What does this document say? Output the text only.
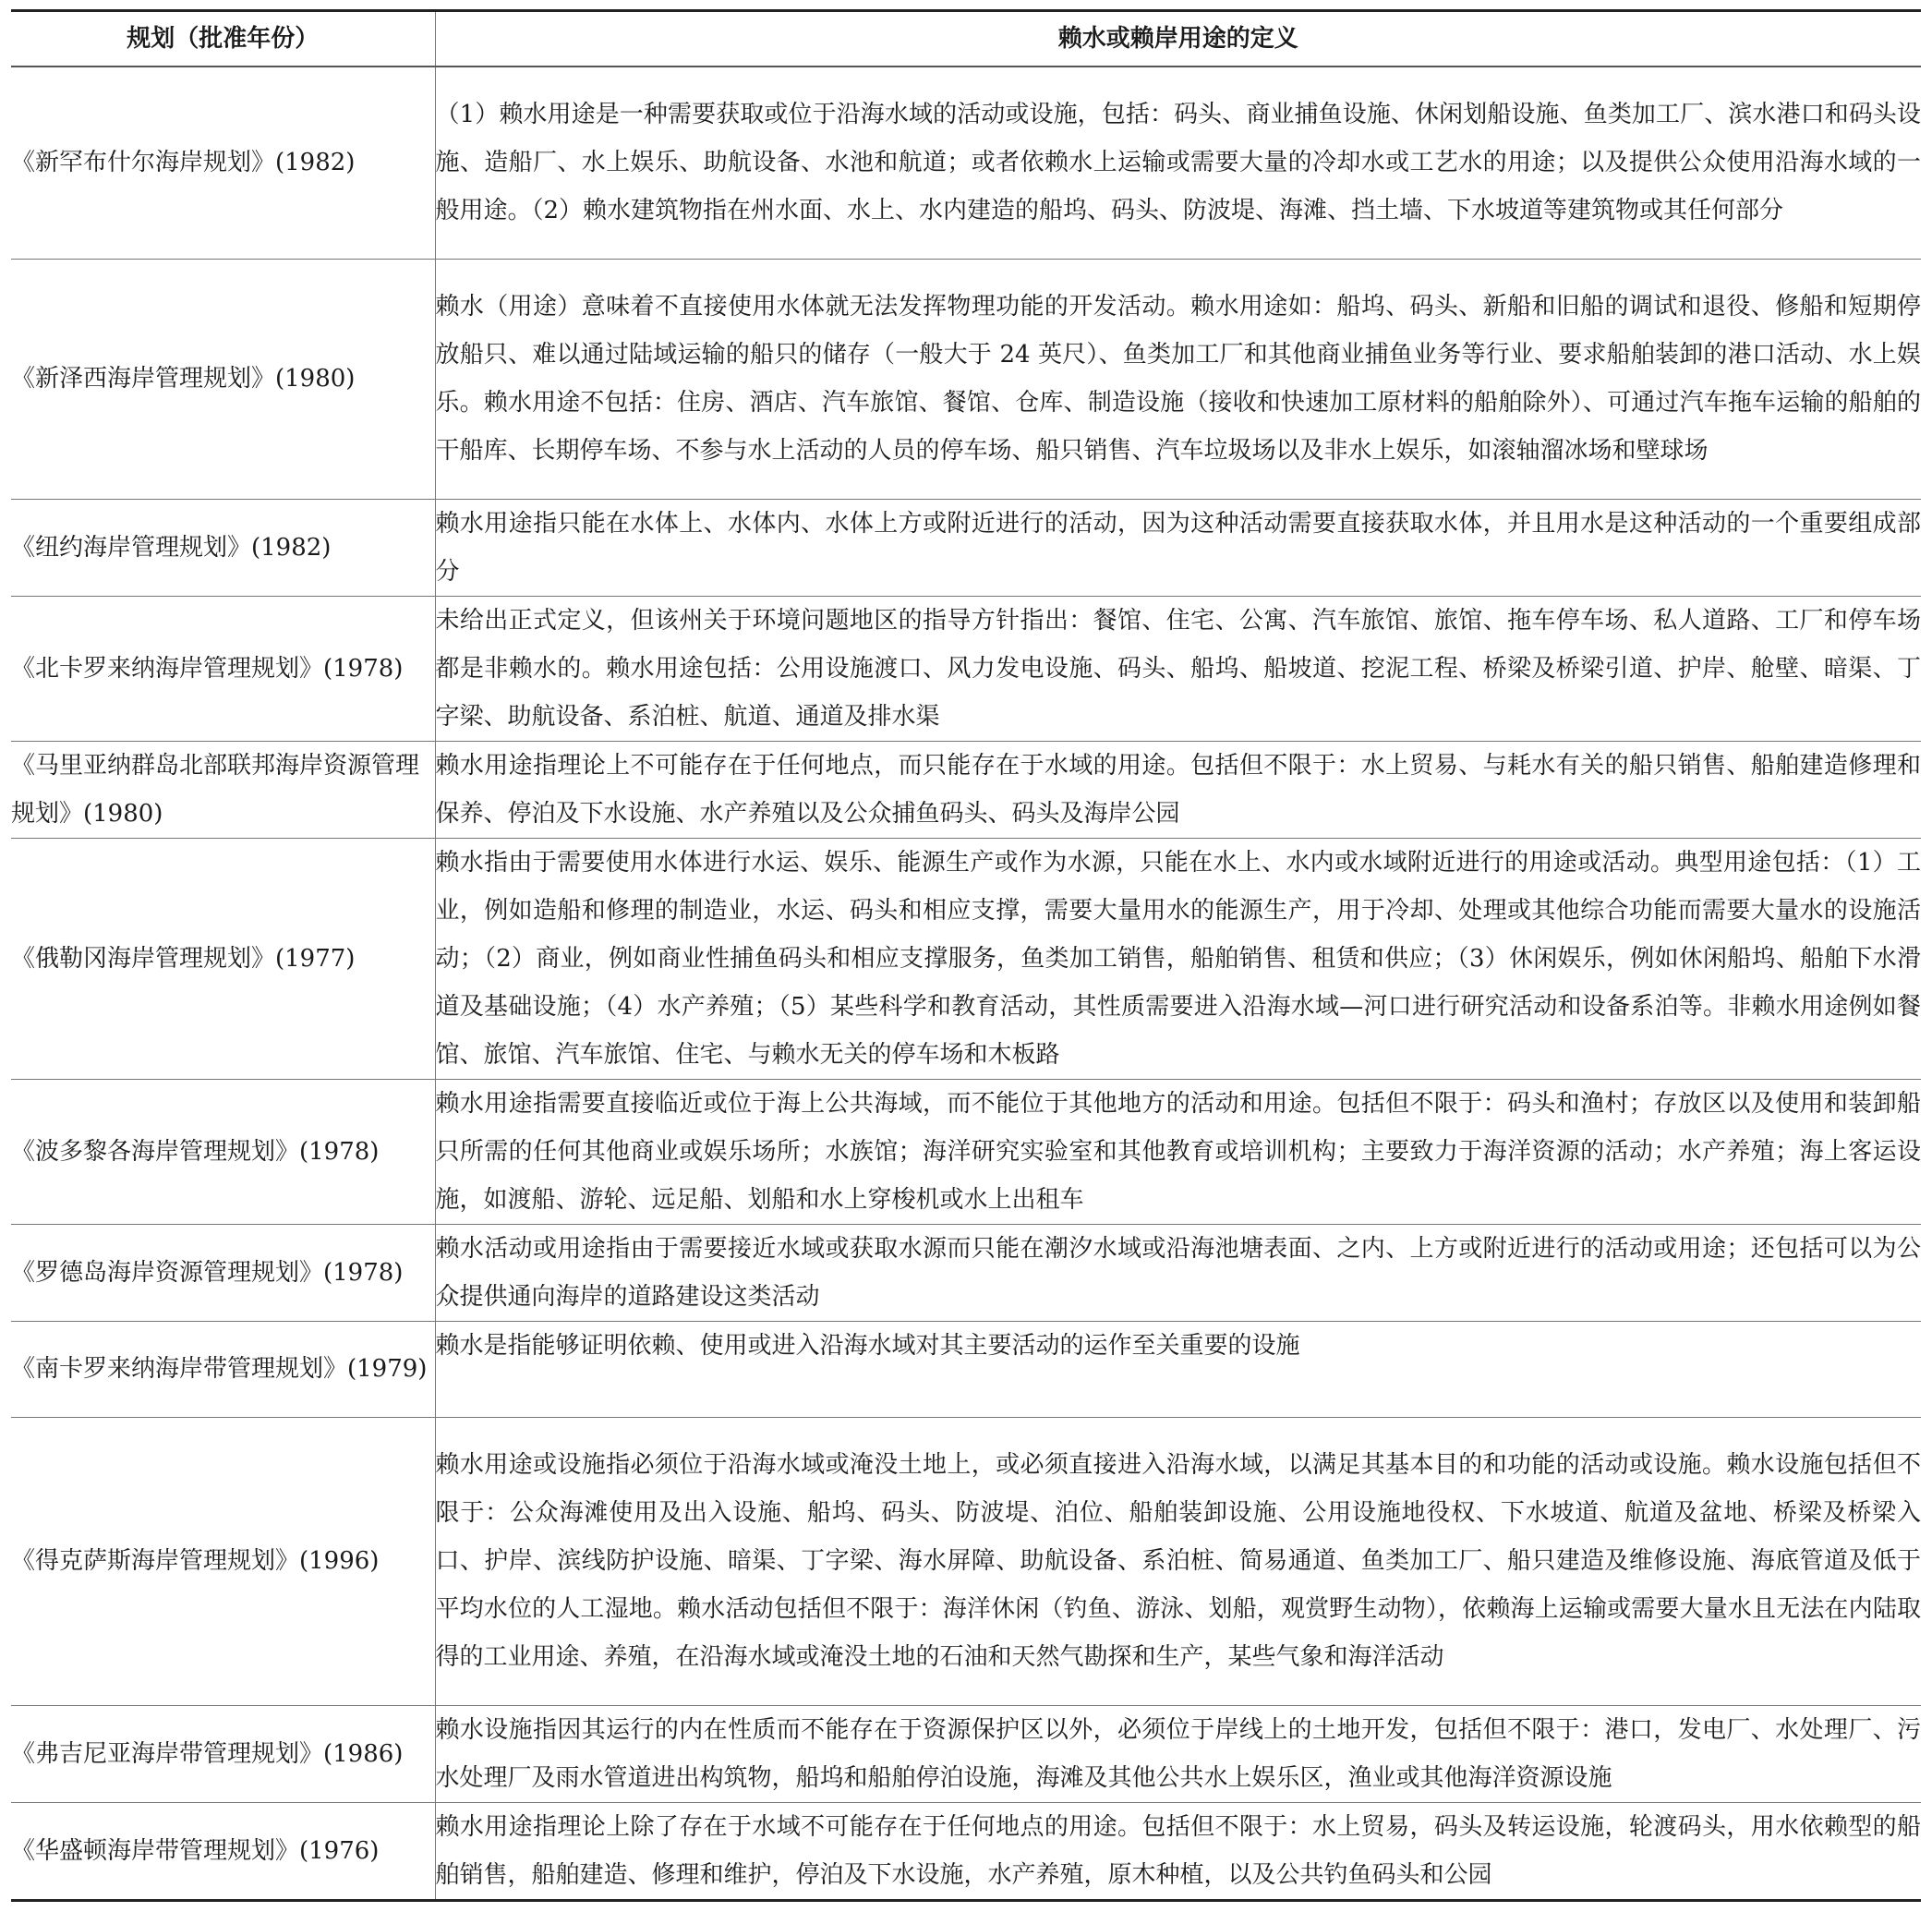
规划（批准年份）	赖水或赖岸用途的定义
《新罕布什尔海岸规划》(1982)	（1）赖水用途是一种需要获取或位于沿海水域的活动或设施，包括：码头、商业捕鱼设施、休闲划船设施、鱼类加工厂、滨水港口和码头设施、造船厂、水上娱乐、助航设备、水池和航道；或者依赖水上运输或需要大量的冷却水或工艺水的用途；以及提供公众使用沿海水域的一般用途。（2）赖水建筑物指在州水面、水上、水内建造的船坞、码头、防波堤、海滩、挡土墙、下水坡道等建筑物或其任何部分
《新泽西海岸管理规划》(1980)	赖水（用途）意味着不直接使用水体就无法发挥物理功能的开发活动。赖水用途如：船坞、码头、新船和旧船的调试和退役、修船和短期停放船只、难以通过陆域运输的船只的储存（一般大于 24 英尺）、鱼类加工厂和其他商业捕鱼业务等行业、要求船舶装卸的港口活动、水上娱乐。赖水用途不包括：住房、酒店、汽车旅馆、餐馆、仓库、制造设施（接收和快速加工原材料的船舶除外）、可通过汽车拖车运输的船舶的干船库、长期停车场、不参与水上活动的人员的停车场、船只销售、汽车垃圾场以及非水上娱乐，如滚轴溜冰场和壁球场
《纽约海岸管理规划》(1982)	赖水用途指只能在水体上、水体内、水体上方或附近进行的活动，因为这种活动需要直接获取水体，并且用水是这种活动的一个重要组成部分
《北卡罗来纳海岸管理规划》(1978)	未给出正式定义，但该州关于环境问题地区的指导方针指出：餐馆、住宅、公寓、汽车旅馆、旅馆、拖车停车场、私人道路、工厂和停车场都是非赖水的。赖水用途包括：公用设施渡口、风力发电设施、码头、船坞、船坡道、挖泥工程、桥梁及桥梁引道、护岸、舱壁、暗渠、丁字梁、助航设备、系泊桩、航道、通道及排水渠
《马里亚纳群岛北部联邦海岸资源管理规划》(1980)	赖水用途指理论上不可能存在于任何地点，而只能存在于水域的用途。包括但不限于：水上贸易、与耗水有关的船只销售、船舶建造修理和保养、停泊及下水设施、水产养殖以及公众捕鱼码头、码头及海岸公园
《俄勒冈海岸管理规划》(1977)	赖水指由于需要使用水体进行水运、娱乐、能源生产或作为水源，只能在水上、水内或水域附近进行的用途或活动。典型用途包括：（1）工业，例如造船和修理的制造业，水运、码头和相应支撑，需要大量用水的能源生产，用于冷却、处理或其他综合功能而需要大量水的设施活动；（2）商业，例如商业性捕鱼码头和相应支撑服务，鱼类加工销售，船舶销售、租赁和供应；（3）休闲娱乐，例如休闲船坞、船舶下水滑道及基础设施；（4）水产养殖；（5）某些科学和教育活动，其性质需要进入沿海水域—河口进行研究活动和设备系泊等。非赖水用途例如餐馆、旅馆、汽车旅馆、住宅、与赖水无关的停车场和木板路
《波多黎各海岸管理规划》(1978)	赖水用途指需要直接临近或位于海上公共海域，而不能位于其他地方的活动和用途。包括但不限于：码头和渔村；存放区以及使用和装卸船只所需的任何其他商业或娱乐场所；水族馆；海洋研究实验室和其他教育或培训机构；主要致力于海洋资源的活动；水产养殖；海上客运设施，如渡船、游轮、远足船、划船和水上穿梭机或水上出租车
《罗德岛海岸资源管理规划》(1978)	赖水活动或用途指由于需要接近水域或获取水源而只能在潮汐水域或沿海池塘表面、之内、上方或附近进行的活动或用途；还包括可以为公众提供通向海岸的道路建设这类活动
《南卡罗来纳海岸带管理规划》(1979)	赖水是指能够证明依赖、使用或进入沿海水域对其主要活动的运作至关重要的设施
《得克萨斯海岸管理规划》(1996)	赖水用途或设施指必须位于沿海水域或淹没土地上，或必须直接进入沿海水域，以满足其基本目的和功能的活动或设施。赖水设施包括但不限于：公众海滩使用及出入设施、船坞、码头、防波堤、泊位、船舶装卸设施、公用设施地役权、下水坡道、航道及盆地、桥梁及桥梁入口、护岸、滨线防护设施、暗渠、丁字梁、海水屏障、助航设备、系泊桩、简易通道、鱼类加工厂、船只建造及维修设施、海底管道及低于平均水位的人工湿地。赖水活动包括但不限于：海洋休闲（钓鱼、游泳、划船，观赏野生动物），依赖海上运输或需要大量水且无法在内陆取得的工业用途、养殖，在沿海水域或淹没土地的石油和天然气勘探和生产，某些气象和海洋活动
《弗吉尼亚海岸带管理规划》(1986)	赖水设施指因其运行的内在性质而不能存在于资源保护区以外，必须位于岸线上的土地开发，包括但不限于：港口，发电厂、水处理厂、污水处理厂及雨水管道进出构筑物，船坞和船舶停泊设施，海滩及其他公共水上娱乐区，渔业或其他海洋资源设施
《华盛顿海岸带管理规划》(1976)	赖水用途指理论上除了存在于水域不可能存在于任何地点的用途。包括但不限于：水上贸易，码头及转运设施，轮渡码头，用水依赖型的船舶销售，船舶建造、修理和维护，停泊及下水设施，水产养殖，原木种植，以及公共钓鱼码头和公园
